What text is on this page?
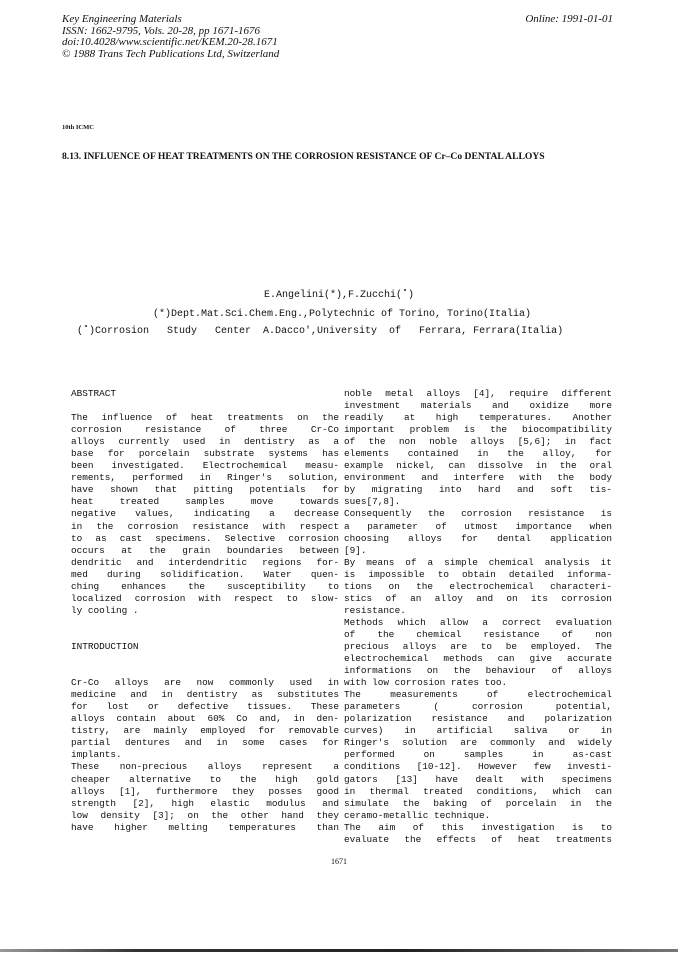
Key Engineering Materials
ISSN: 1662-9795, Vols. 20-28, pp 1671-1676
doi:10.4028/www.scientific.net/KEM.20-28.1671
© 1988 Trans Tech Publications Ltd, Switzerland
Online: 1991-01-01
10th ICMC
8.13. INFLUENCE OF HEAT TREATMENTS ON THE CORROSION RESISTANCE OF Cr–Co DENTAL ALLOYS
E.Angelini(*),F.Zucchi(˚)
(*)Dept.Mat.Sci.Chem.Eng.,Polytechnic of Torino, Torino(Italia)
(˚)Corrosion   Study   Center  A.Dacco',University  of   Ferrara, Ferrara(Italia)
ABSTRACT
The influence of heat treatments on the
corrosion resistance of three Cr-Co
alloys currently used in dentistry as a
base for porcelain substrate systems has
been investigated. Electrochemical measu-
rements, performed in Ringer's solution,
have shown that pitting potentials for
heat	treated	samples	move	towards
negative values, indicating a decrease
in the corrosion resistance with respect
to as cast specimens. Selective corrosion
occurs at the grain boundaries between
dendritic and interdendritic regions for-
med during solidification. Water quen-
ching enhances the susceptibility to
localized corrosion with respect to slow-
ly cooling .
INTRODUCTION
Cr-Co alloys are now commonly used in
medicine and in dentistry as substitutes
for lost or defective tissues. These
alloys contain about 60% Co and, in den-
tistry, are mainly employed for removable
partial dentures and in some cases for
implants.
These non-precious alloys represent a
cheaper alternative to the high gold
alloys [1], furthermore they posses good
strength [2], high elastic modulus and
low density [3]; on the other hand they
have higher melting temperatures than
noble metal alloys [4], require different
investment materials and oxidize more
readily at high temperatures. Another
important problem is the biocompatibility
of the non noble alloys [5,6]; in fact
elements contained in the alloy, for
example nickel, can dissolve in the oral
environment and interfere with the body
by migrating into hard and soft tis-
sues[7,8].
Consequently the corrosion resistance is
a parameter of utmost importance when
choosing alloys for dental application
[9].
By means of a simple chemical analysis it
is impossible to obtain detailed informa-
tions on the electrochemical characteri-
stics of an alloy and on its corrosion
resistance.
Methods which allow a correct evaluation
of the chemical resistance of non
precious alloys are to be employed. The
electrochemical methods can give accurate
informations on the behaviour of alloys
with low corrosion rates too.
The	measurements	of	electrochemical
parameters	(	corrosion	potential,
polarization resistance and polarization
curves) in artificial saliva or in
Ringer's solution are commonly and widely
performed	on	samples	in	as-cast
conditions [10-12]. However few investi-
gators [13] have dealt with specimens
in thermal treated conditions, which can
simulate the baking of porcelain in the
ceramo-metallic technique.
The aim of this investigation is to
evaluate the effects of heat treatments
1671
